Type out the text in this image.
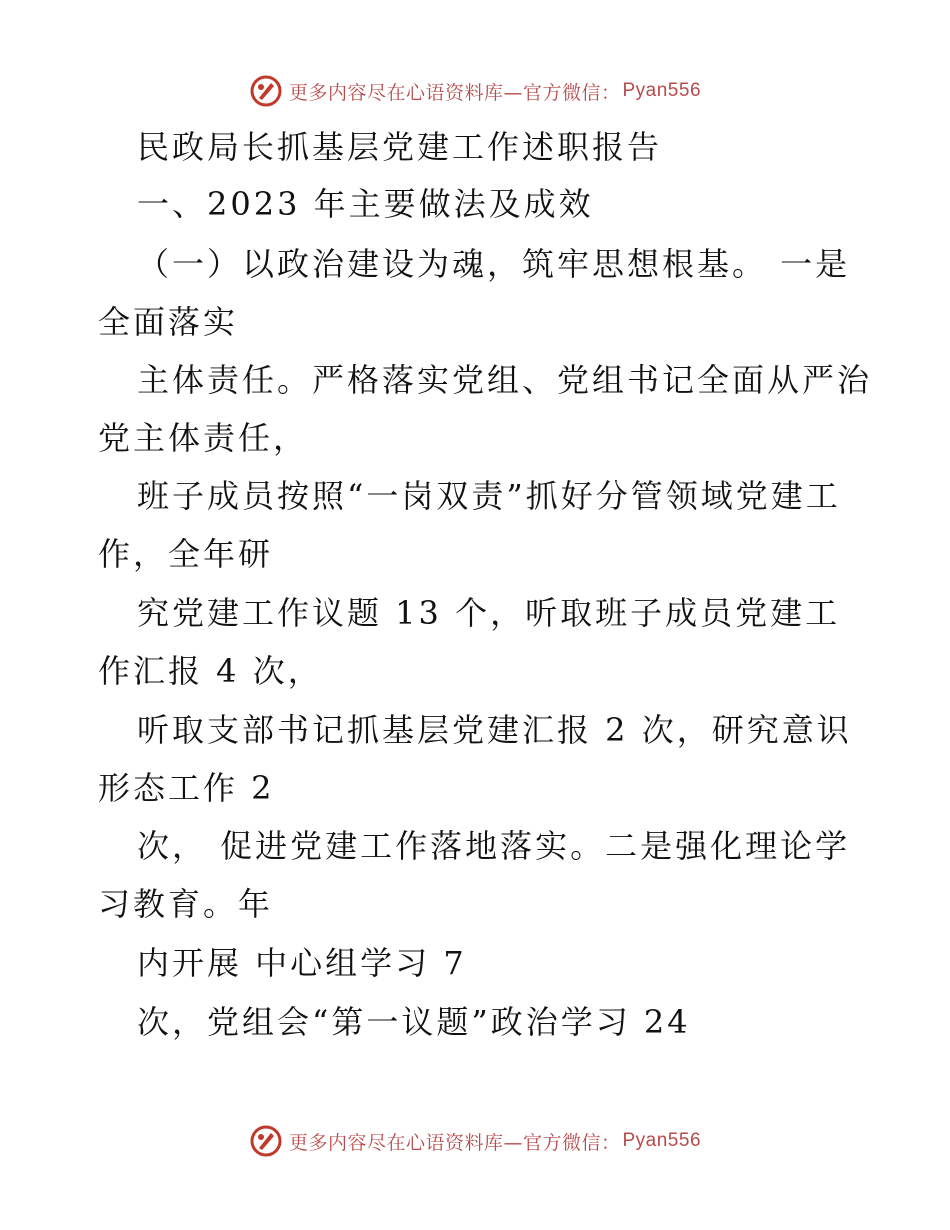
更多内容尽在心语资料库—官方微信： Pyan556
民政局长抓基层党建工作述职报告
一、2023 年主要做法及成效
（一）以政治建设为魂，筑牢思想根基。 一是
全面落实
主体责任。严格落实党组、党组书记全面从严治
党主体责任，
班子成员按照“一岗双责”抓好分管领域党建工
作，全年研
究党建工作议题 13 个，听取班子成员党建工
作汇报 4 次，
听取支部书记抓基层党建汇报 2 次，研究意识
形态工作 2
次， 促进党建工作落地落实。二是强化理论学
习教育。年
内开展 中心组学习 7
次，党组会“第一议题”政治学习 24
更多内容尽在心语资料库—官方微信： Pyan556
